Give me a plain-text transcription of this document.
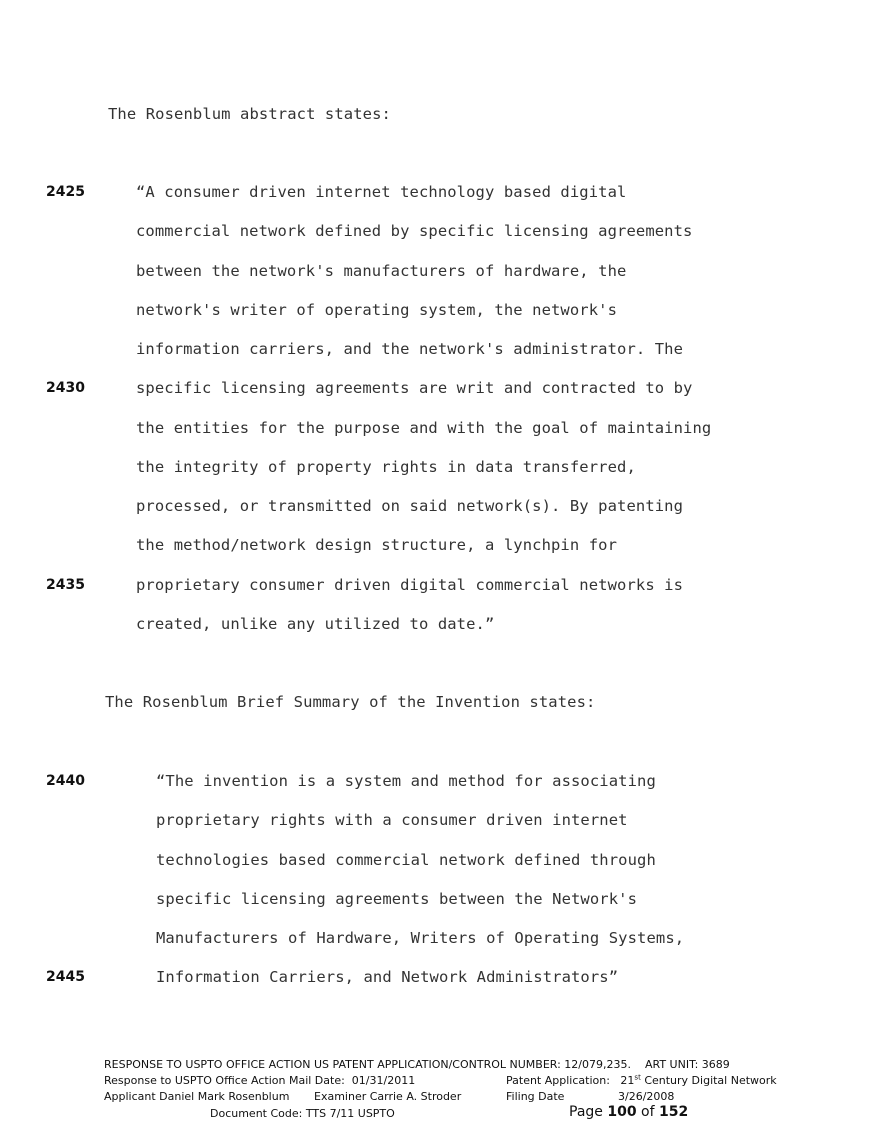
The Rosenblum abstract states:
“A consumer driven internet technology based digital
commercial network defined by specific licensing agreements
between the network's manufacturers of hardware, the
network's writer of operating system, the network's
information carriers, and the network's administrator. The
specific licensing agreements are writ and contracted to by
the entities for the purpose and with the goal of maintaining
the integrity of property rights in data transferred,
processed, or transmitted on said network(s). By patenting
the method/network design structure, a lynchpin for
proprietary consumer driven digital commercial networks is
created, unlike any utilized to date.”
The Rosenblum Brief Summary of the Invention states:
“The invention is a system and method for associating
proprietary rights with a consumer driven internet
technologies based commercial network defined through
specific licensing agreements between the Network's
Manufacturers of Hardware, Writers of Operating Systems,
Information Carriers, and Network Administrators”
2425
2430
2435
2440
2445
RESPONSE TO USPTO OFFICE ACTION US PATENT APPLICATION/CONTROL NUMBER: 12/079,235.    ART UNIT: 3689
Response to USPTO Office Action Mail Date:  01/31/2011	Patent Application: 21st Century Digital Network
Applicant Daniel Mark Rosenblum Examiner Carrie A. Stroder	Filing Date	3/26/2008
Document Code: TTS 7/11 USPTO	Page 100 of 152
